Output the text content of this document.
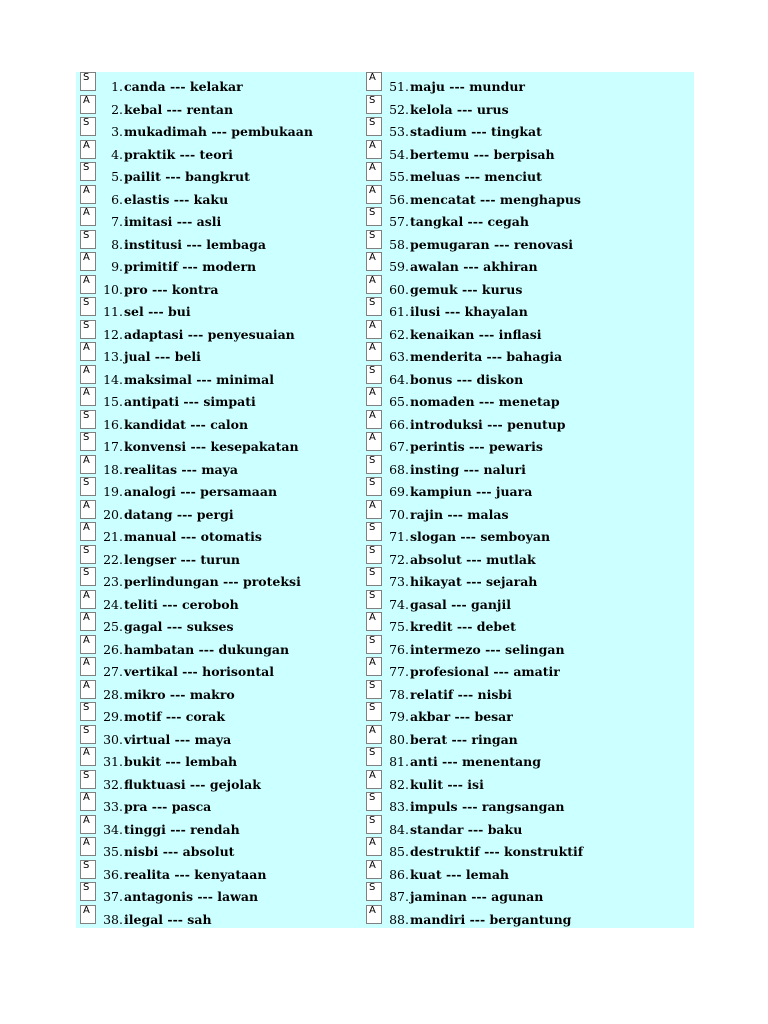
S
1. canda --- kelakar
A
2. kebal --- rentan
S
3. mukadimah --- pembukaan
A
4. praktik --- teori
S
5. pailit --- bangkrut
A
6. elastis --- kaku
A
7. imitasi --- asli
S
8. institusi --- lembaga
A
9. primitif --- modern
A
10. pro --- kontra
S
11. sel --- bui
S
12. adaptasi --- penyesuaian
A
13. jual --- beli
A
14. maksimal --- minimal
A
15. antipati --- simpati
S
16. kandidat --- calon
S
17. konvensi --- kesepakatan
A
18. realitas --- maya
S
19. analogi --- persamaan
A
20. datang --- pergi
A
21. manual --- otomatis
S
22. lengser --- turun
S
23. perlindungan --- proteksi
A
24. teliti --- ceroboh
A
25. gagal --- sukses
A
26. hambatan --- dukungan
A
27. vertikal --- horisontal
A
28. mikro --- makro
S
29. motif --- corak
S
30. virtual --- maya
A
31. bukit --- lembah
S
32. fluktuasi --- gejolak
A
33. pra --- pasca
A
34. tinggi --- rendah
A
35. nisbi --- absolut
S
36. realita --- kenyataan
S
37. antagonis --- lawan
A
38. ilegal --- sah
A
51. maju --- mundur
S
52. kelola --- urus
S
53. stadium --- tingkat
A
54. bertemu --- berpisah
A
55. meluas --- menciut
A
56. mencatat --- menghapus
S
57. tangkal --- cegah
S
58. pemugaran --- renovasi
A
59. awalan --- akhiran
A
60. gemuk --- kurus
S
61. ilusi --- khayalan
A
62. kenaikan --- inflasi
A
63. menderita --- bahagia
S
64. bonus --- diskon
A
65. nomaden --- menetap
A
66. introduksi --- penutup
A
67. perintis --- pewaris
S
68. insting --- naluri
S
69. kampiun --- juara
A
70. rajin --- malas
S
71. slogan --- semboyan
S
72. absolut --- mutlak
S
73. hikayat --- sejarah
S
74. gasal --- ganjil
A
75. kredit --- debet
S
76. intermezo --- selingan
A
77. profesional --- amatir
S
78. relatif --- nisbi
S
79. akbar --- besar
A
80. berat --- ringan
S
81. anti --- menentang
A
82. kulit --- isi
S
83. impuls --- rangsangan
S
84. standar --- baku
A
85. destruktif --- konstruktif
A
86. kuat --- lemah
S
87. jaminan --- agunan
A
88. mandiri --- bergantung
